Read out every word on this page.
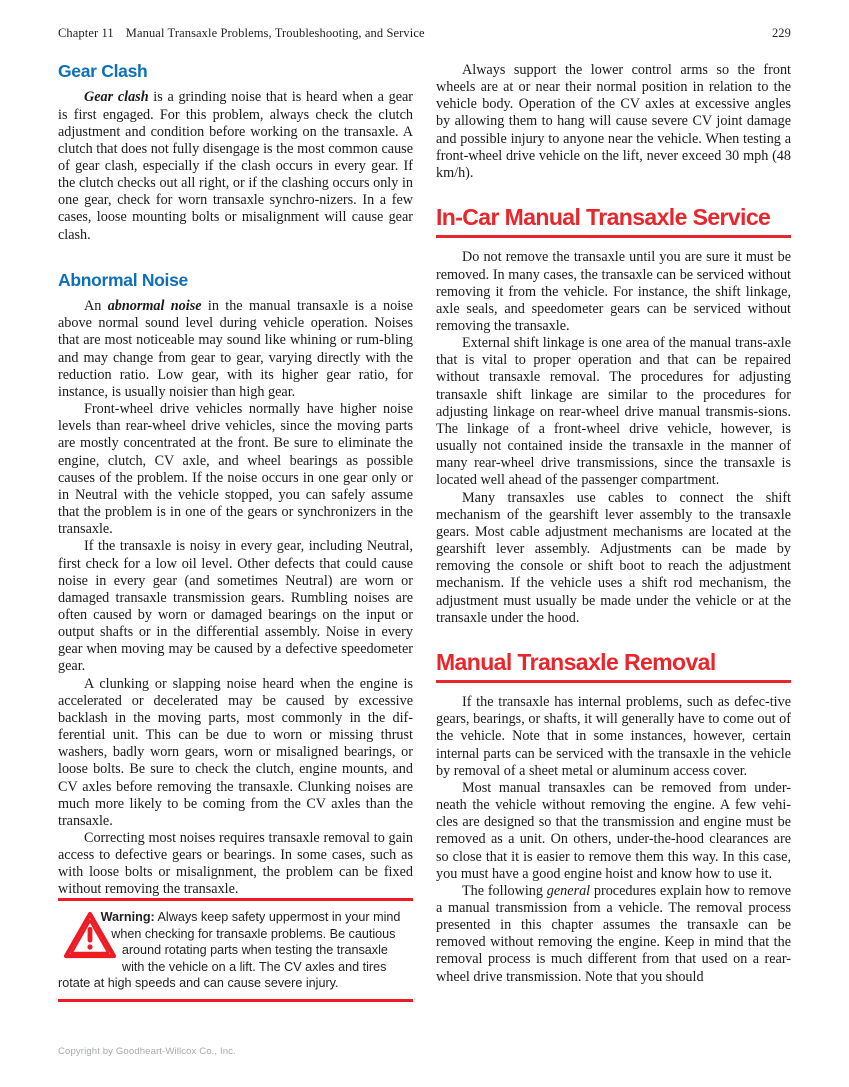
Chapter 11 Manual Transaxle Problems, Troubleshooting, and Service	229
Gear Clash

Gear clash is a grinding noise that is heard when a gear is first engaged. For this problem, always check the clutch adjustment and condition before working on the transaxle. A clutch that does not fully disengage is the most common cause of gear clash, especially if the clash occurs in every gear. If the clutch checks out all right, or if the clashing occurs only in one gear, check for worn transaxle synchro-nizers. In a few cases, loose mounting bolts or misalignment will cause gear clash.

Abnormal Noise

An abnormal noise in the manual transaxle is a noise above normal sound level during vehicle operation. Noises that are most noticeable may sound like whining or rum-bling and may change from gear to gear, varying directly with the reduction ratio. Low gear, with its higher gear ratio, for instance, is usually noisier than high gear.

Front-wheel drive vehicles normally have higher noise levels than rear-wheel drive vehicles, since the moving parts are mostly concentrated at the front. Be sure to eliminate the engine, clutch, CV axle, and wheel bearings as possible causes of the problem. If the noise occurs in one gear only or in Neutral with the vehicle stopped, you can safely assume that the problem is in one of the gears or synchronizers in the transaxle.

If the transaxle is noisy in every gear, including Neutral, first check for a low oil level. Other defects that could cause noise in every gear (and sometimes Neutral) are worn or damaged transaxle transmission gears. Rumbling noises are often caused by worn or damaged bearings on the input or output shafts or in the differential assembly. Noise in every gear when moving may be caused by a defective speedometer gear.

A clunking or slapping noise heard when the engine is accelerated or decelerated may be caused by excessive backlash in the moving parts, most commonly in the dif-ferential unit. This can be due to worn or missing thrust washers, badly worn gears, worn or misaligned bearings, or loose bolts. Be sure to check the clutch, engine mounts, and CV axles before removing the transaxle. Clunking noises are much more likely to be coming from the CV axles than the transaxle.

Correcting most noises requires transaxle removal to gain access to defective gears or bearings. In some cases, such as with loose bolts or misalignment, the problem can be fixed without removing the transaxle.

Warning: Always keep safety uppermost in your mind when checking for transaxle problems. Be cautious around rotating parts when testing the transaxle with the vehicle on a lift. The CV axles and tires rotate at high speeds and can cause severe injury.

Always support the lower control arms so the front wheels are at or near their normal position in relation to the vehicle body. Operation of the CV axles at excessive angles by allowing them to hang will cause severe CV joint damage and possible injury to anyone near the vehicle. When testing a front-wheel drive vehicle on the lift, never exceed 30 mph (48 km/h).

In-Car Manual Transaxle Service

Do not remove the transaxle until you are sure it must be removed. In many cases, the transaxle can be serviced without removing it from the vehicle. For instance, the shift linkage, axle seals, and speedometer gears can be serviced without removing the transaxle.

External shift linkage is one area of the manual trans-axle that is vital to proper operation and that can be repaired without transaxle removal. The procedures for adjusting transaxle shift linkage are similar to the procedures for adjusting linkage on rear-wheel drive manual transmis-sions. The linkage of a front-wheel drive vehicle, however, is usually not contained inside the transaxle in the manner of many rear-wheel drive transmissions, since the transaxle is located well ahead of the passenger compartment.

Many transaxles use cables to connect the shift mechanism of the gearshift lever assembly to the transaxle gears. Most cable adjustment mechanisms are located at the gearshift lever assembly. Adjustments can be made by removing the console or shift boot to reach the adjustment mechanism. If the vehicle uses a shift rod mechanism, the adjustment must usually be made under the vehicle or at the transaxle under the hood.

Manual Transaxle Removal

If the transaxle has internal problems, such as defec-tive gears, bearings, or shafts, it will generally have to come out of the vehicle. Note that in some instances, however, certain internal parts can be serviced with the transaxle in the vehicle by removal of a sheet metal or aluminum access cover.

Most manual transaxles can be removed from under-neath the vehicle without removing the engine. A few vehi-cles are designed so that the transmission and engine must be removed as a unit. On others, under-the-hood clearances are so close that it is easier to remove them this way. In this case, you must have a good engine hoist and know how to use it.

The following general procedures explain how to remove a manual transmission from a vehicle. The removal process presented in this chapter assumes the transaxle can be removed without removing the engine. Keep in mind that the removal process is much different from that used on a rear-wheel drive transmission. Note that you should

Copyright by Goodheart-Willcox Co., Inc.
